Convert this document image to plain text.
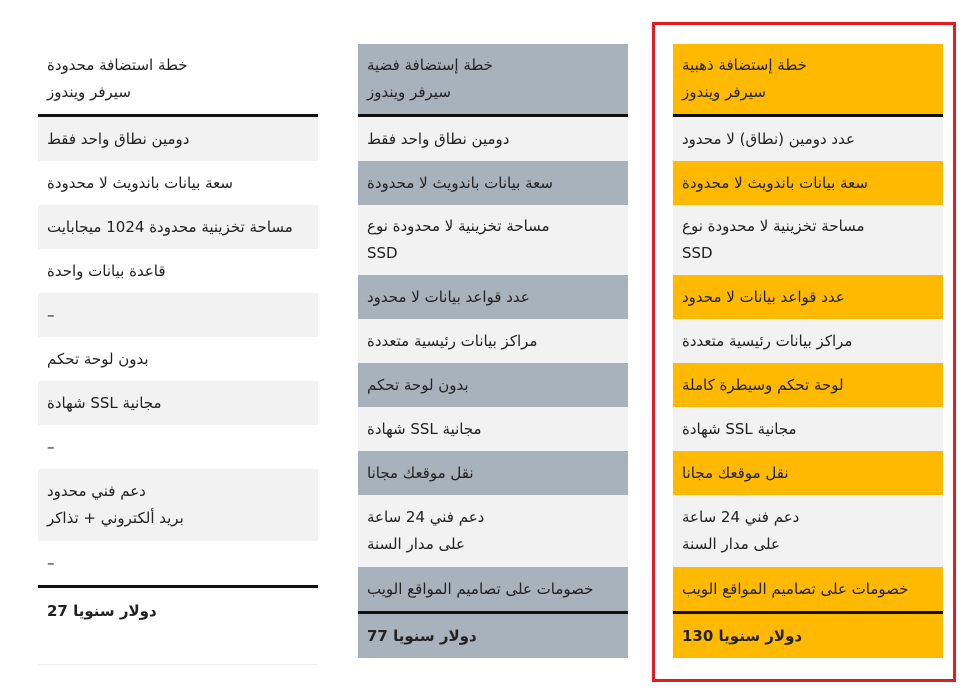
خطة استضافة محدودة
سيرفر ويندوز
دومين نطاق واحد فقط
سعة بيانات باندويث لا محدودة
مساحة تخزينية محدودة 1024 ميجابايت
قاعدة بيانات واحدة
–
بدون لوحة تحكم
مجانية SSL شهادة
–
دعم فني محدود
بريد ألكتروني + تذاكر
–
دولار سنويا 27
خطة إستضافة فضية
سيرفر ويندوز
دومين نطاق واحد فقط
سعة بيانات باندويث لا محدودة
مساحة تخزينية لا محدودة نوع
SSD
عدد قواعد بيانات لا محدود
مراكز بيانات رئيسية متعددة
بدون لوحة تحكم
مجانية SSL شهادة
نقل موقعك مجانا
دعم فني 24 ساعة
على مدار السنة
خصومات على تصاميم المواقع الويب
دولار سنويا 77
خطة إستضافة ذهبية
سيرفر ويندوز
عدد دومين (نطاق) لا محدود
سعة بيانات باندويث لا محدودة
مساحة تخزينية لا محدودة نوع
SSD
عدد قواعد بيانات لا محدود
مراكز بيانات رئيسية متعددة
لوحة تحكم وسيطرة كاملة
مجانية SSL شهادة
نقل موقعك مجانا
دعم فني 24 ساعة
على مدار السنة
خصومات على تصاميم المواقع الويب
دولار سنويا 130
